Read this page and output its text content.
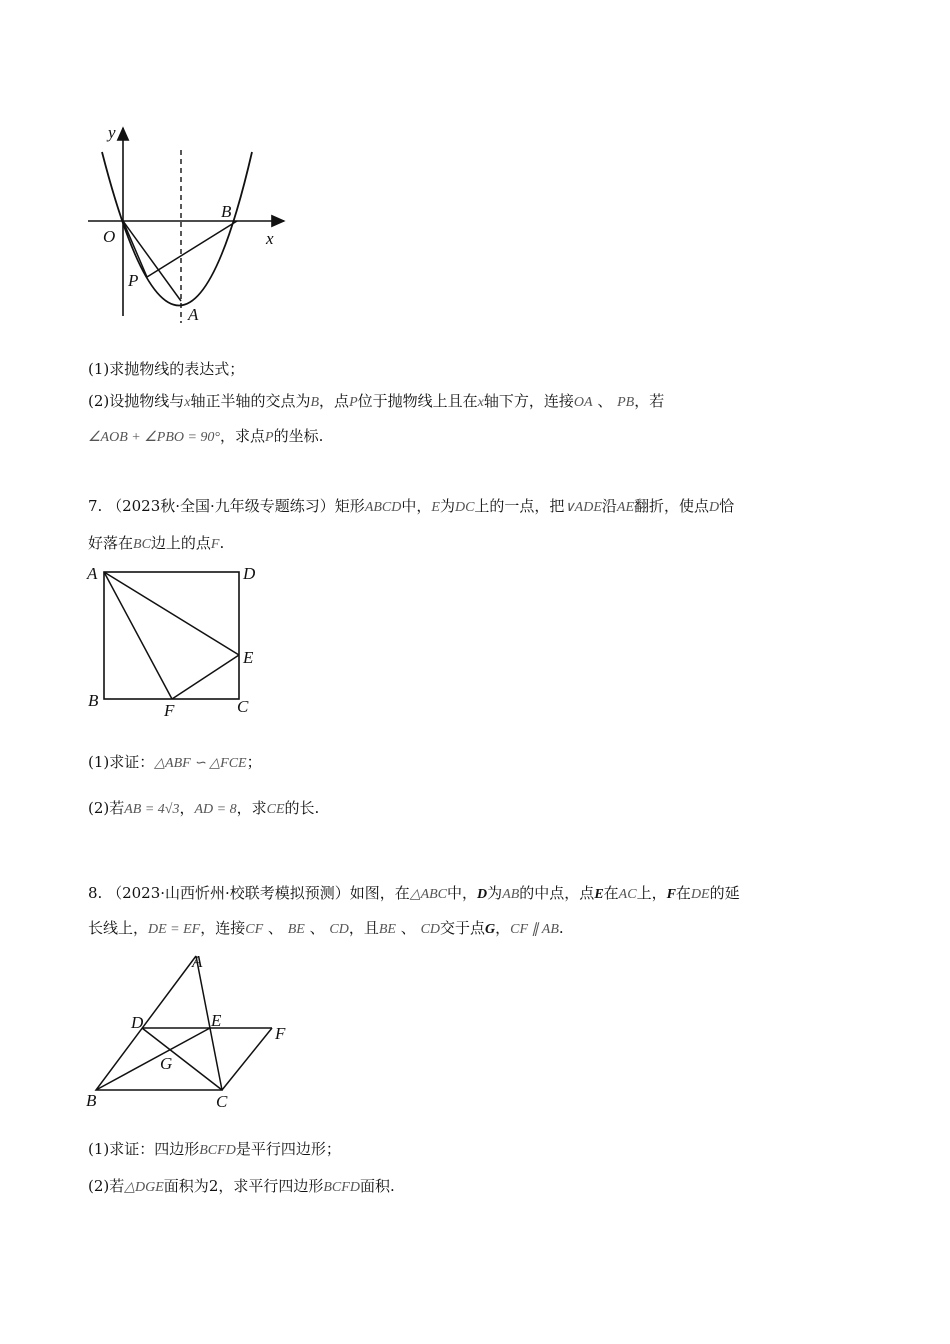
y
x
O
B
P
A
(1)求抛物线的表达式；
(2)设抛物线与x轴正半轴的交点为B，点P位于抛物线上且在x轴下方，连接OA 、 PB，若
∠AOB + ∠PBO = 90°，求点P的坐标.
7. （2023秋·全国·九年级专题练习）矩形ABCD中，E为DC上的一点，把∨ADE沿AE翻折，使点D恰
好落在BC边上的点F.
A	D
E
B
F	C
(1)求证：△ABF ∽ △FCE；
(2)若AB = 4√3，AD = 8，求CE的长.
8. （2023·山西忻州·校联考模拟预测）如图，在△ABC中，D为AB的中点，点E在AC上，F在DE的延
长线上，DE = EF，连接CF 、 BE 、 CD，且BE 、 CD交于点G，CF ∥ AB.
A
D	E
F
G
B	C
(1)求证：四边形BCFD是平行四边形；
(2)若△DGE面积为2，求平行四边形BCFD面积.
